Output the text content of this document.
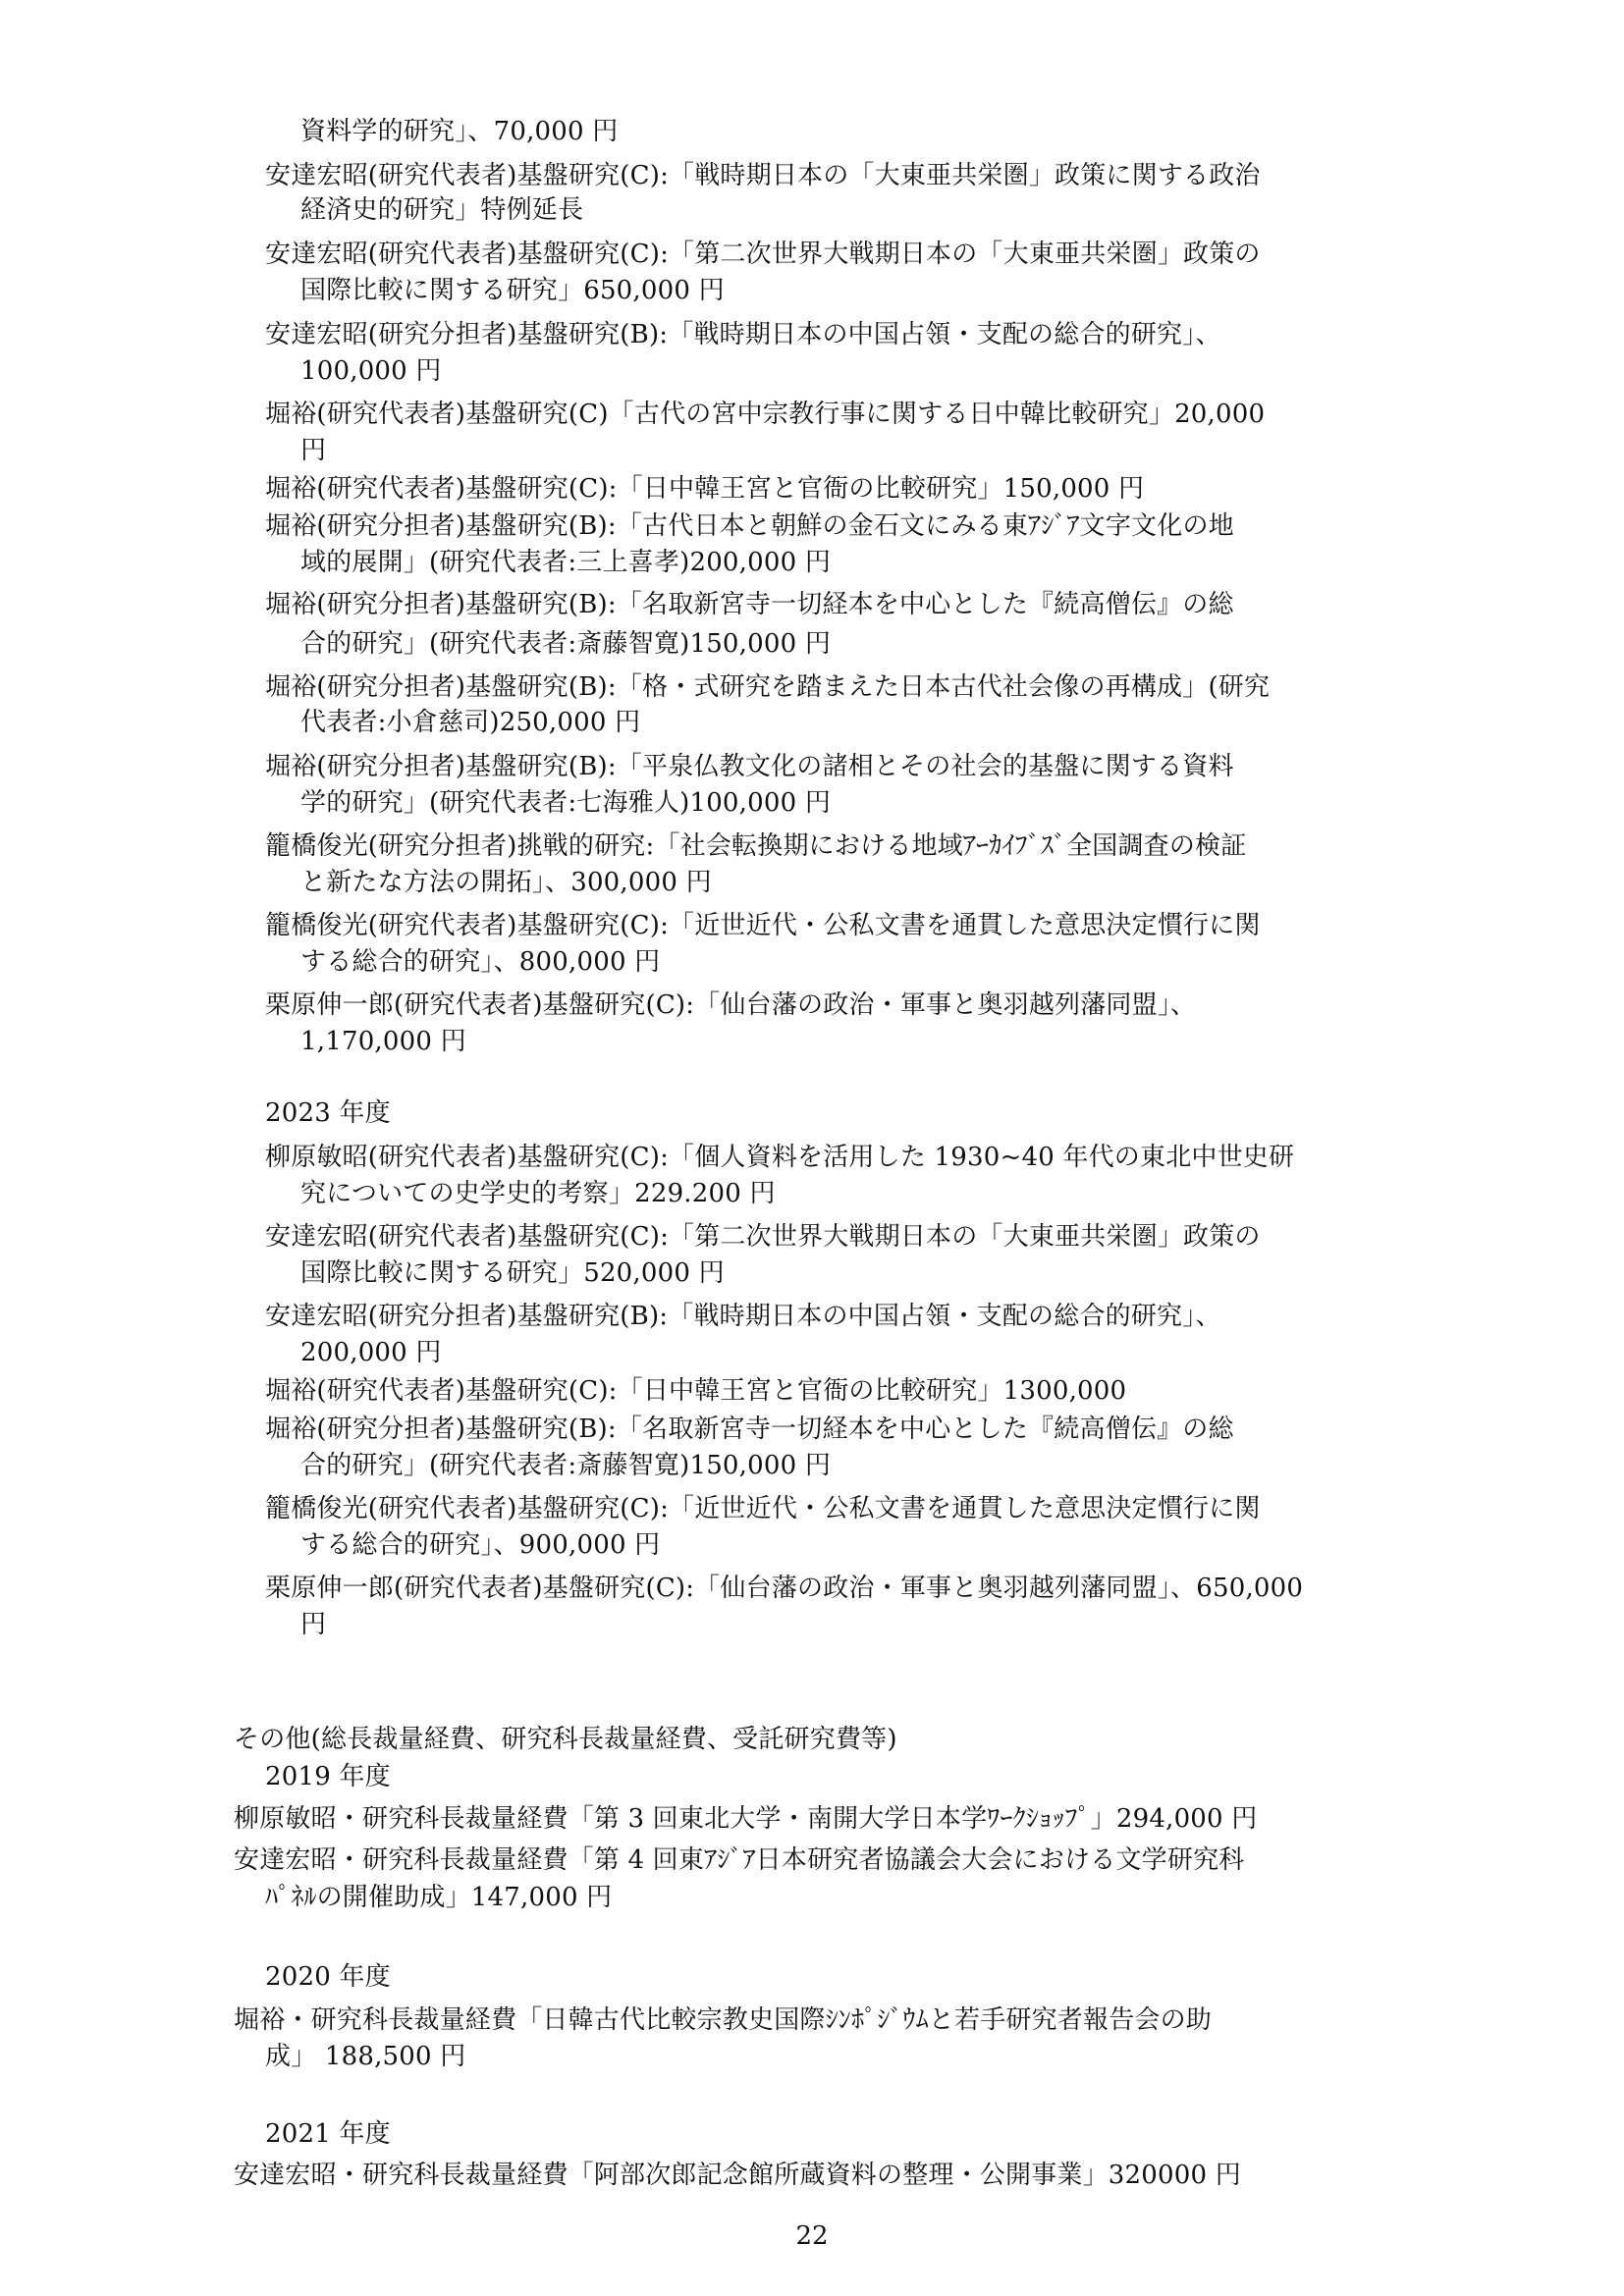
資料学的研究」、70,000 円
安達宏昭(研究代表者)基盤研究(C):「戦時期日本の「大東亜共栄圏」政策に関する政治
経済史的研究」特例延長
安達宏昭(研究代表者)基盤研究(C):「第二次世界大戦期日本の「大東亜共栄圏」政策の
国際比較に関する研究」650,000 円
安達宏昭(研究分担者)基盤研究(B):「戦時期日本の中国占領・支配の総合的研究」、
100,000 円
堀裕(研究代表者)基盤研究(C)「古代の宮中宗教行事に関する日中韓比較研究」20,000
円
堀裕(研究代表者)基盤研究(C):「日中韓王宮と官衙の比較研究」150,000 円
堀裕(研究分担者)基盤研究(B):「古代日本と朝鮮の金石文にみる東ｱｼﾞｱ文字文化の地
域的展開」(研究代表者:三上喜孝)200,000 円
堀裕(研究分担者)基盤研究(B):「名取新宮寺一切経本を中心とした『続高僧伝』の総
合的研究」(研究代表者:斎藤智寛)150,000 円
堀裕(研究分担者)基盤研究(B):「格・式研究を踏まえた日本古代社会像の再構成」(研究
代表者:小倉慈司)250,000 円
堀裕(研究分担者)基盤研究(B):「平泉仏教文化の諸相とその社会的基盤に関する資料
学的研究」(研究代表者:七海雅人)100,000 円
籠橋俊光(研究分担者)挑戦的研究:「社会転換期における地域ｱｰｶｲﾌﾞｽﾞ全国調査の検証
と新たな方法の開拓」、300,000 円
籠橋俊光(研究代表者)基盤研究(C):「近世近代・公私文書を通貫した意思決定慣行に関
する総合的研究」、800,000 円
栗原伸一郎(研究代表者)基盤研究(C):「仙台藩の政治・軍事と奥羽越列藩同盟」、
1,170,000 円
2023 年度
柳原敏昭(研究代表者)基盤研究(C):「個人資料を活用した 1930~40 年代の東北中世史研
究についての史学史的考察」229.200 円
安達宏昭(研究代表者)基盤研究(C):「第二次世界大戦期日本の「大東亜共栄圏」政策の
国際比較に関する研究」520,000 円
安達宏昭(研究分担者)基盤研究(B):「戦時期日本の中国占領・支配の総合的研究」、
200,000 円
堀裕(研究代表者)基盤研究(C):「日中韓王宮と官衙の比較研究」1300,000
堀裕(研究分担者)基盤研究(B):「名取新宮寺一切経本を中心とした『続高僧伝』の総
合的研究」(研究代表者:斎藤智寛)150,000 円
籠橋俊光(研究代表者)基盤研究(C):「近世近代・公私文書を通貫した意思決定慣行に関
する総合的研究」、900,000 円
栗原伸一郎(研究代表者)基盤研究(C):「仙台藩の政治・軍事と奥羽越列藩同盟」、650,000
円
その他(総長裁量経費、研究科長裁量経費、受託研究費等)
2019 年度
柳原敏昭・研究科長裁量経費「第 3 回東北大学・南開大学日本学ﾜｰｸｼｮｯﾌﾟ」294,000 円
安達宏昭・研究科長裁量経費「第 4 回東ｱｼﾞｱ日本研究者協議会大会における文学研究科
ﾊﾟﾈﾙの開催助成」147,000 円
2020 年度
堀裕・研究科長裁量経費「日韓古代比較宗教史国際ｼﾝﾎﾟｼﾞｳﾑと若手研究者報告会の助
成」 188,500 円
2021 年度
安達宏昭・研究科長裁量経費「阿部次郎記念館所蔵資料の整理・公開事業」320000 円
22
